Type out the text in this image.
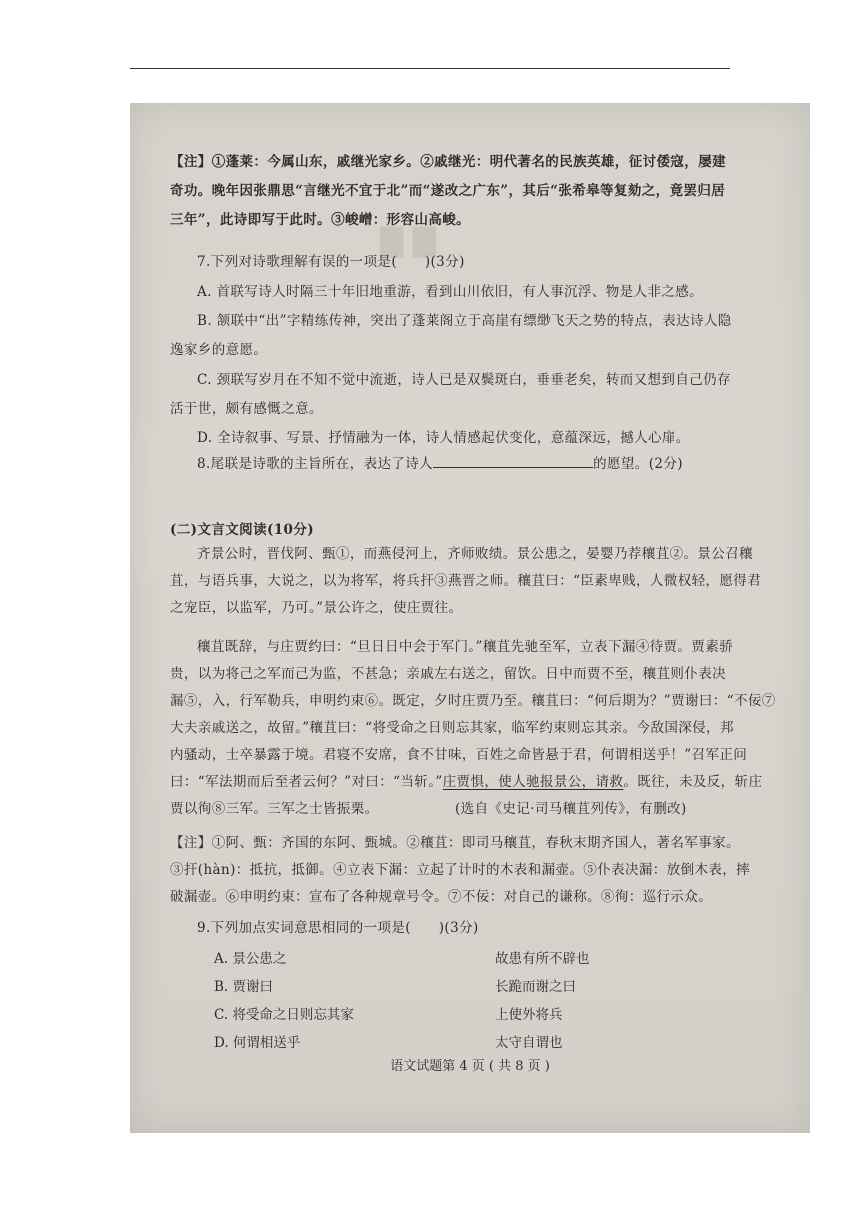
▇ ▇
【注】①蓬莱：今属山东，戚继光家乡。②戚继光：明代著名的民族英雄，征讨倭寇，屡建
奇功。晚年因张鼎思“言继光不宜于北”而“遂改之广东”，其后“张希皋等复劾之，竟罢归居
三年”，此诗即写于此时。③峻嶒：形容山高峻。
7.下列对诗歌理解有误的一项是(　　)(3分)
A. 首联写诗人时隔三十年旧地重游，看到山川依旧，有人事沉浮、物是人非之感。
B. 颔联中“出”字精练传神，突出了蓬莱阁立于高崖有缥缈飞天之势的特点，表达诗人隐
逸家乡的意愿。
C. 颈联写岁月在不知不觉中流逝，诗人已是双鬓斑白，垂垂老矣，转而又想到自己仍存
活于世，颇有感慨之意。
D. 全诗叙事、写景、抒情融为一体，诗人情感起伏变化，意蕴深远，撼人心扉。
8.尾联是诗歌的主旨所在，表达了诗人	的愿望。(2分)
(二)文言文阅读(10分)
齐景公时，晋伐阿、甄①，而燕侵河上，齐师败绩。景公患之，晏婴乃荐穰苴②。景公召穰
苴，与语兵事，大说之，以为将军，将兵扞③燕晋之师。穰苴曰：“臣素卑贱，人微权轻，愿得君
之宠臣，以监军，乃可。”景公许之，使庄贾往。
穰苴既辞，与庄贾约曰：“旦日日中会于军门。”穰苴先驰至军，立表下漏④待贾。贾素骄
贵，以为将己之军而己为监，不甚急；亲戚左右送之，留饮。日中而贾不至，穰苴则仆表决
漏⑤，入，行军勒兵，申明约束⑥。既定，夕时庄贾乃至。穰苴曰：“何后期为？”贾谢曰：“不佞⑦
大夫亲戚送之，故留。”穰苴曰：“将受命之日则忘其家，临军约束则忘其亲。今敌国深侵，邦
内骚动，士卒暴露于境。君寝不安席，食不甘味，百姓之命皆悬于君，何谓相送乎！”召军正问
曰：“军法期而后至者云何？”对曰：“当斩。”庄贾惧，使人驰报景公，请救。既往，未及反，斩庄
贾以徇⑧三军。三军之士皆振栗。	(选自《史记·司马穰苴列传》，有删改)
【注】①阿、甄：齐国的东阿、甄城。②穰苴：即司马穰苴，春秋末期齐国人，著名军事家。
③扞(hàn)：抵抗，抵御。④立表下漏：立起了计时的木表和漏壶。⑤仆表决漏：放倒木表，摔
破漏壶。⑥申明约束：宣布了各种规章号令。⑦不佞：对自己的谦称。⑧徇：巡行示众。
9.下列加点实词意思相同的一项是(　　)(3分)
A. 景公患之	故患有所不辟也
B. 贾谢曰	长跪而谢之曰
C. 将受命之日则忘其家	上使外将兵
D. 何谓相送乎	太守自谓也
语文试题第 4 页 ( 共 8 页 )
